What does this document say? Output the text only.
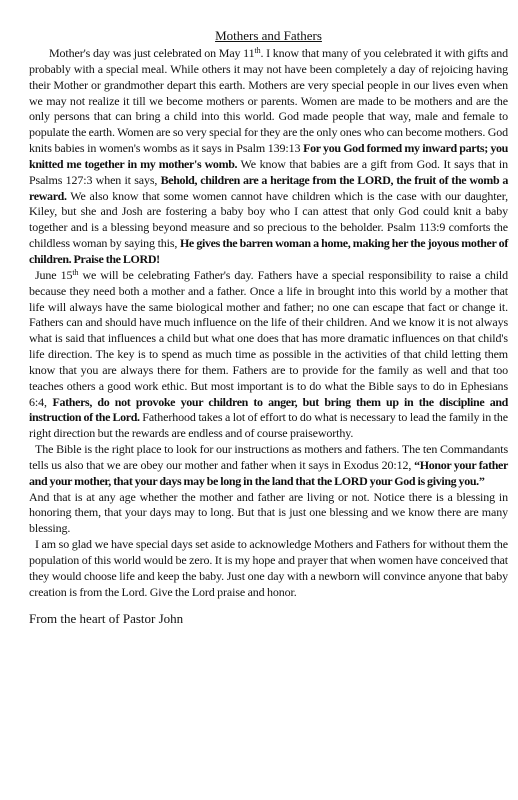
Mothers and Fathers

Mother's day was just celebrated on May 11th. I know that many of you celebrated it with gifts and probably with a special meal. While others it may not have been completely a day of rejoicing having their Mother or grandmother depart this earth. Mothers are very special people in our lives even when we may not realize it till we become mothers or parents. Women are made to be mothers and are the only persons that can bring a child into this world. God made people that way, male and female to populate the earth. Women are so very special for they are the only ones who can become mothers. God knits babies in women's wombs as it says in Psalm 139:13 For you God formed my inward parts; you knitted me together in my mother's womb. We know that babies are a gift from God. It says that in Psalms 127:3 when it says, Behold, children are a heritage from the LORD, the fruit of the womb a reward. We also know that some women cannot have children which is the case with our daughter, Kiley, but she and Josh are fostering a baby boy who I can attest that only God could knit a baby together and is a blessing beyond measure and so precious to the beholder. Psalm 113:9 comforts the childless woman by saying this, He gives the barren woman a home, making her the joyous mother of children. Praise the LORD!

June 15th we will be celebrating Father's day. Fathers have a special responsibility to raise a child because they need both a mother and a father. Once a life in brought into this world by a mother that life will always have the same biological mother and father; no one can escape that fact or change it. Fathers can and should have much influence on the life of their children. And we know it is not always what is said that influences a child but what one does that has more dramatic influences on that child's life direction. The key is to spend as much time as possible in the activities of that child letting them know that you are always there for them. Fathers are to provide for the family as well and that too teaches others a good work ethic. But most important is to do what the Bible says to do in Ephesians 6:4, Fathers, do not provoke your children to anger, but bring them up in the discipline and instruction of the Lord. Fatherhood takes a lot of effort to do what is necessary to lead the family in the right direction but the rewards are endless and of course praiseworthy.

The Bible is the right place to look for our instructions as mothers and fathers. The ten Commandants tells us also that we are obey our mother and father when it says in Exodus 20:12, “Honor your father and your mother, that your days may be long in the land that the LORD your God is giving you.”

And that is at any age whether the mother and father are living or not. Notice there is a blessing in honoring them, that your days may to long. But that is just one blessing and we know there are many blessing.

I am so glad we have special days set aside to acknowledge Mothers and Fathers for without them the population of this world would be zero. It is my hope and prayer that when women have conceived that they would choose life and keep the baby. Just one day with a newborn will convince anyone that baby creation is from the Lord. Give the Lord praise and honor.

From the heart of Pastor John
